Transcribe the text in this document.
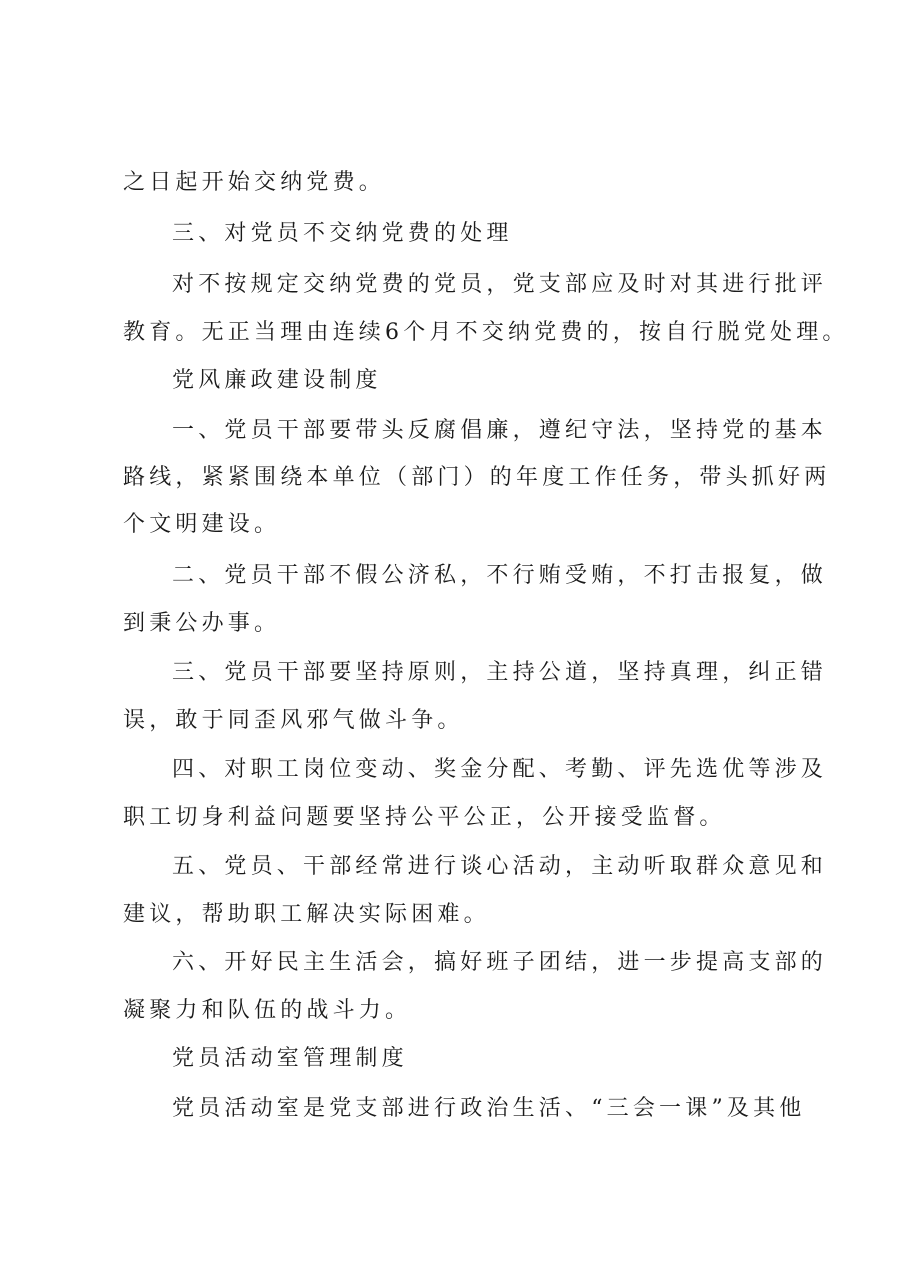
之日起开始交纳党费。
三、对党员不交纳党费的处理
对不按规定交纳党费的党员，党支部应及时对其进行批评
教育。无正当理由连续6个月不交纳党费的，按自行脱党处理。
党风廉政建设制度
一、党员干部要带头反腐倡廉，遵纪守法，坚持党的基本
路线，紧紧围绕本单位（部门）的年度工作任务，带头抓好两
个文明建设。
二、党员干部不假公济私，不行贿受贿，不打击报复，做
到秉公办事。
三、党员干部要坚持原则，主持公道，坚持真理，纠正错
误，敢于同歪风邪气做斗争。
四、对职工岗位变动、奖金分配、考勤、评先选优等涉及
职工切身利益问题要坚持公平公正，公开接受监督。
五、党员、干部经常进行谈心活动，主动听取群众意见和
建议，帮助职工解决实际困难。
六、开好民主生活会，搞好班子团结，进一步提高支部的
凝聚力和队伍的战斗力。
党员活动室管理制度
党员活动室是党支部进行政治生活、“三会一课”及其他
